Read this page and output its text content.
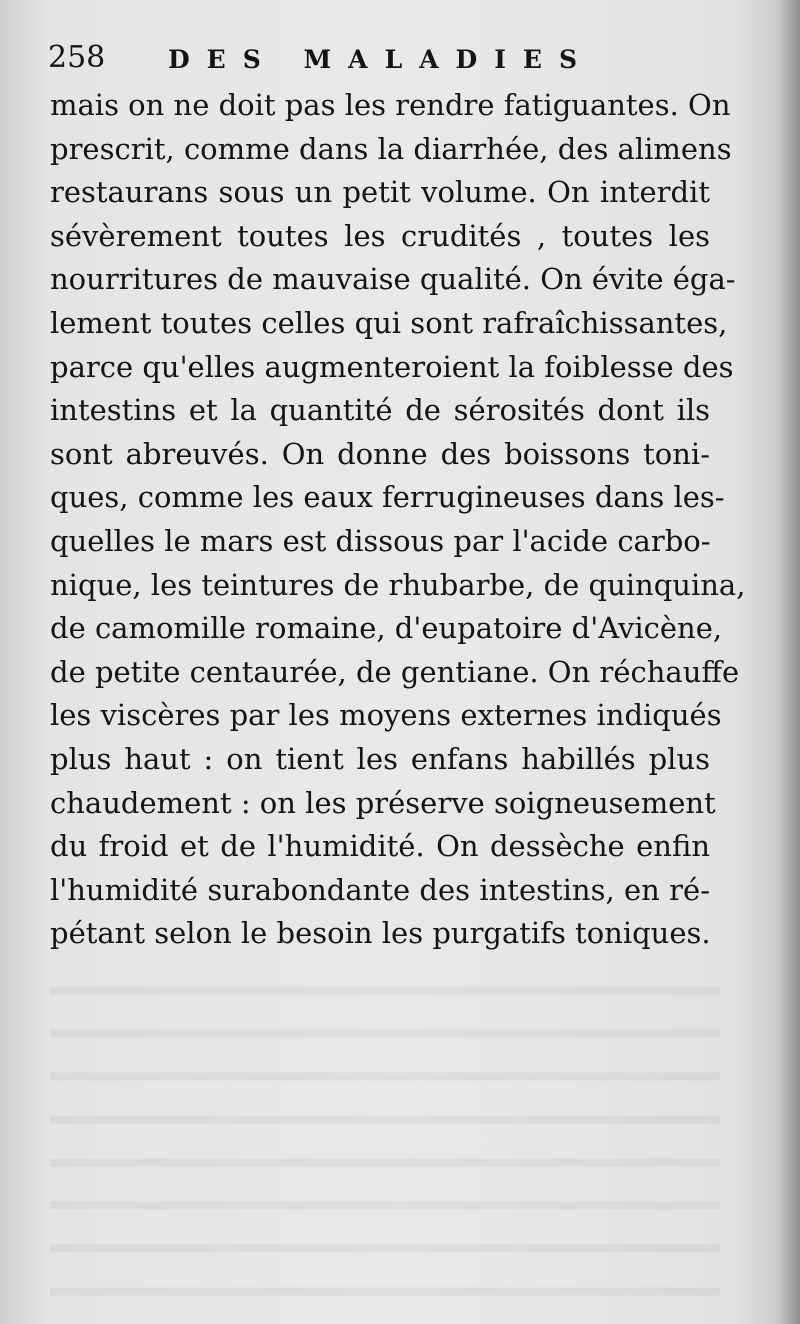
258	DES MALADIES
mais on ne doit pas les rendre fatiguantes. On
prescrit, comme dans la diarrhée, des alimens
restaurans sous un petit volume. On interdit
sévèrement toutes les crudités , toutes les
nourritures de mauvaise qualité. On évite éga-
lement toutes celles qui sont rafraîchissantes,
parce qu'elles augmenteroient la foiblesse des
intestins et la quantité de sérosités dont ils
sont abreuvés. On donne des boissons toni-
ques, comme les eaux ferrugineuses dans les-
quelles le mars est dissous par l'acide carbo-
nique, les teintures de rhubarbe, de quinquina,
de camomille romaine, d'eupatoire d'Avicène,
de petite centaurée, de gentiane. On réchauffe
les viscères par les moyens externes indiqués
plus haut : on tient les enfans habillés plus
chaudement : on les préserve soigneusement
du froid et de l'humidité. On dessèche enfin
l'humidité surabondante des intestins, en ré-
pétant selon le besoin les purgatifs toniques.
